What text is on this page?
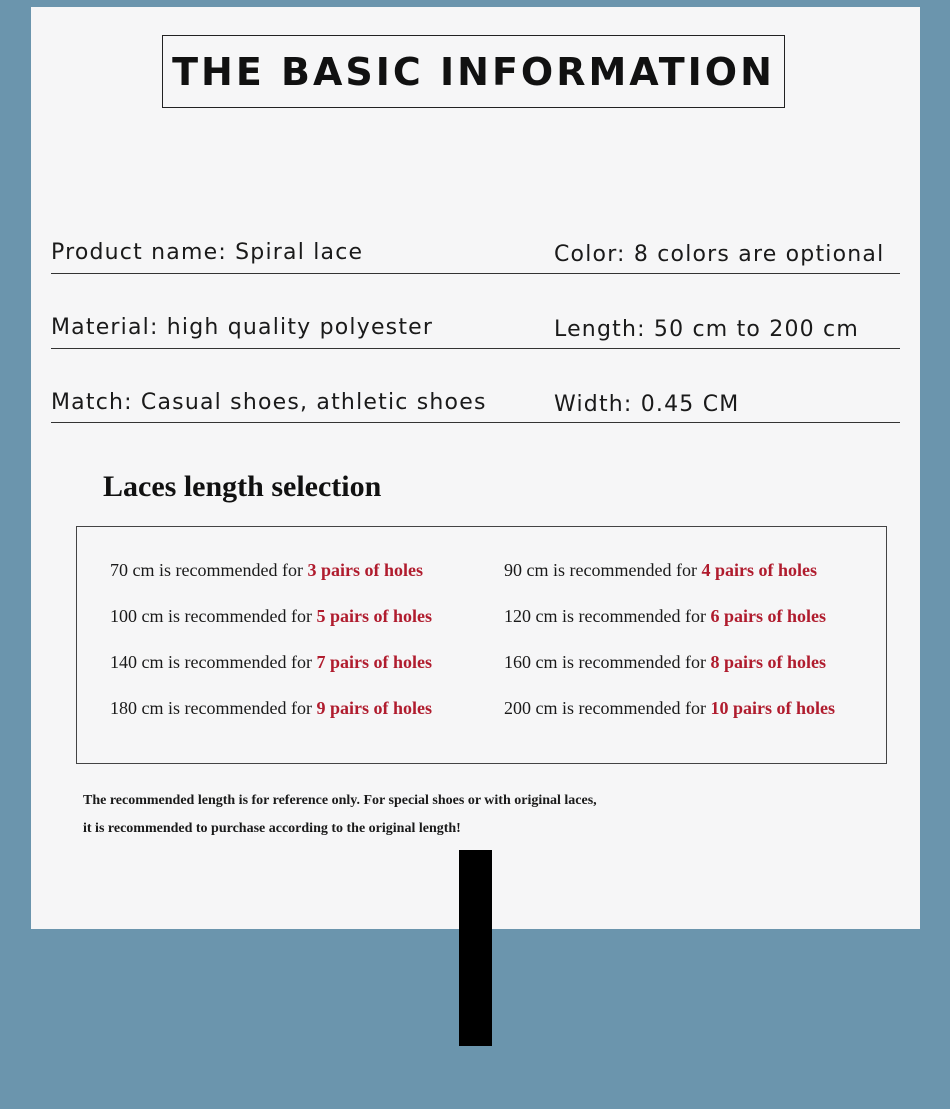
THE BASIC INFORMATION
Product name: Spiral lace	Color: 8 colors are optional
Material: high quality polyester	Length: 50 cm to 200 cm
Match: Casual shoes, athletic shoes	Width: 0.45 CM
Laces length selection
70 cm is recommended for 3 pairs of holes	90 cm is recommended for 4 pairs of holes
100 cm is recommended for 5 pairs of holes	120 cm is recommended for 6 pairs of holes
140 cm is recommended for 7 pairs of holes	160 cm is recommended for 8 pairs of holes
180 cm is recommended for 9 pairs of holes	200 cm is recommended for 10 pairs of holes
The recommended length is for reference only. For special shoes or with original laces,
it is recommended to purchase according to the original length!
